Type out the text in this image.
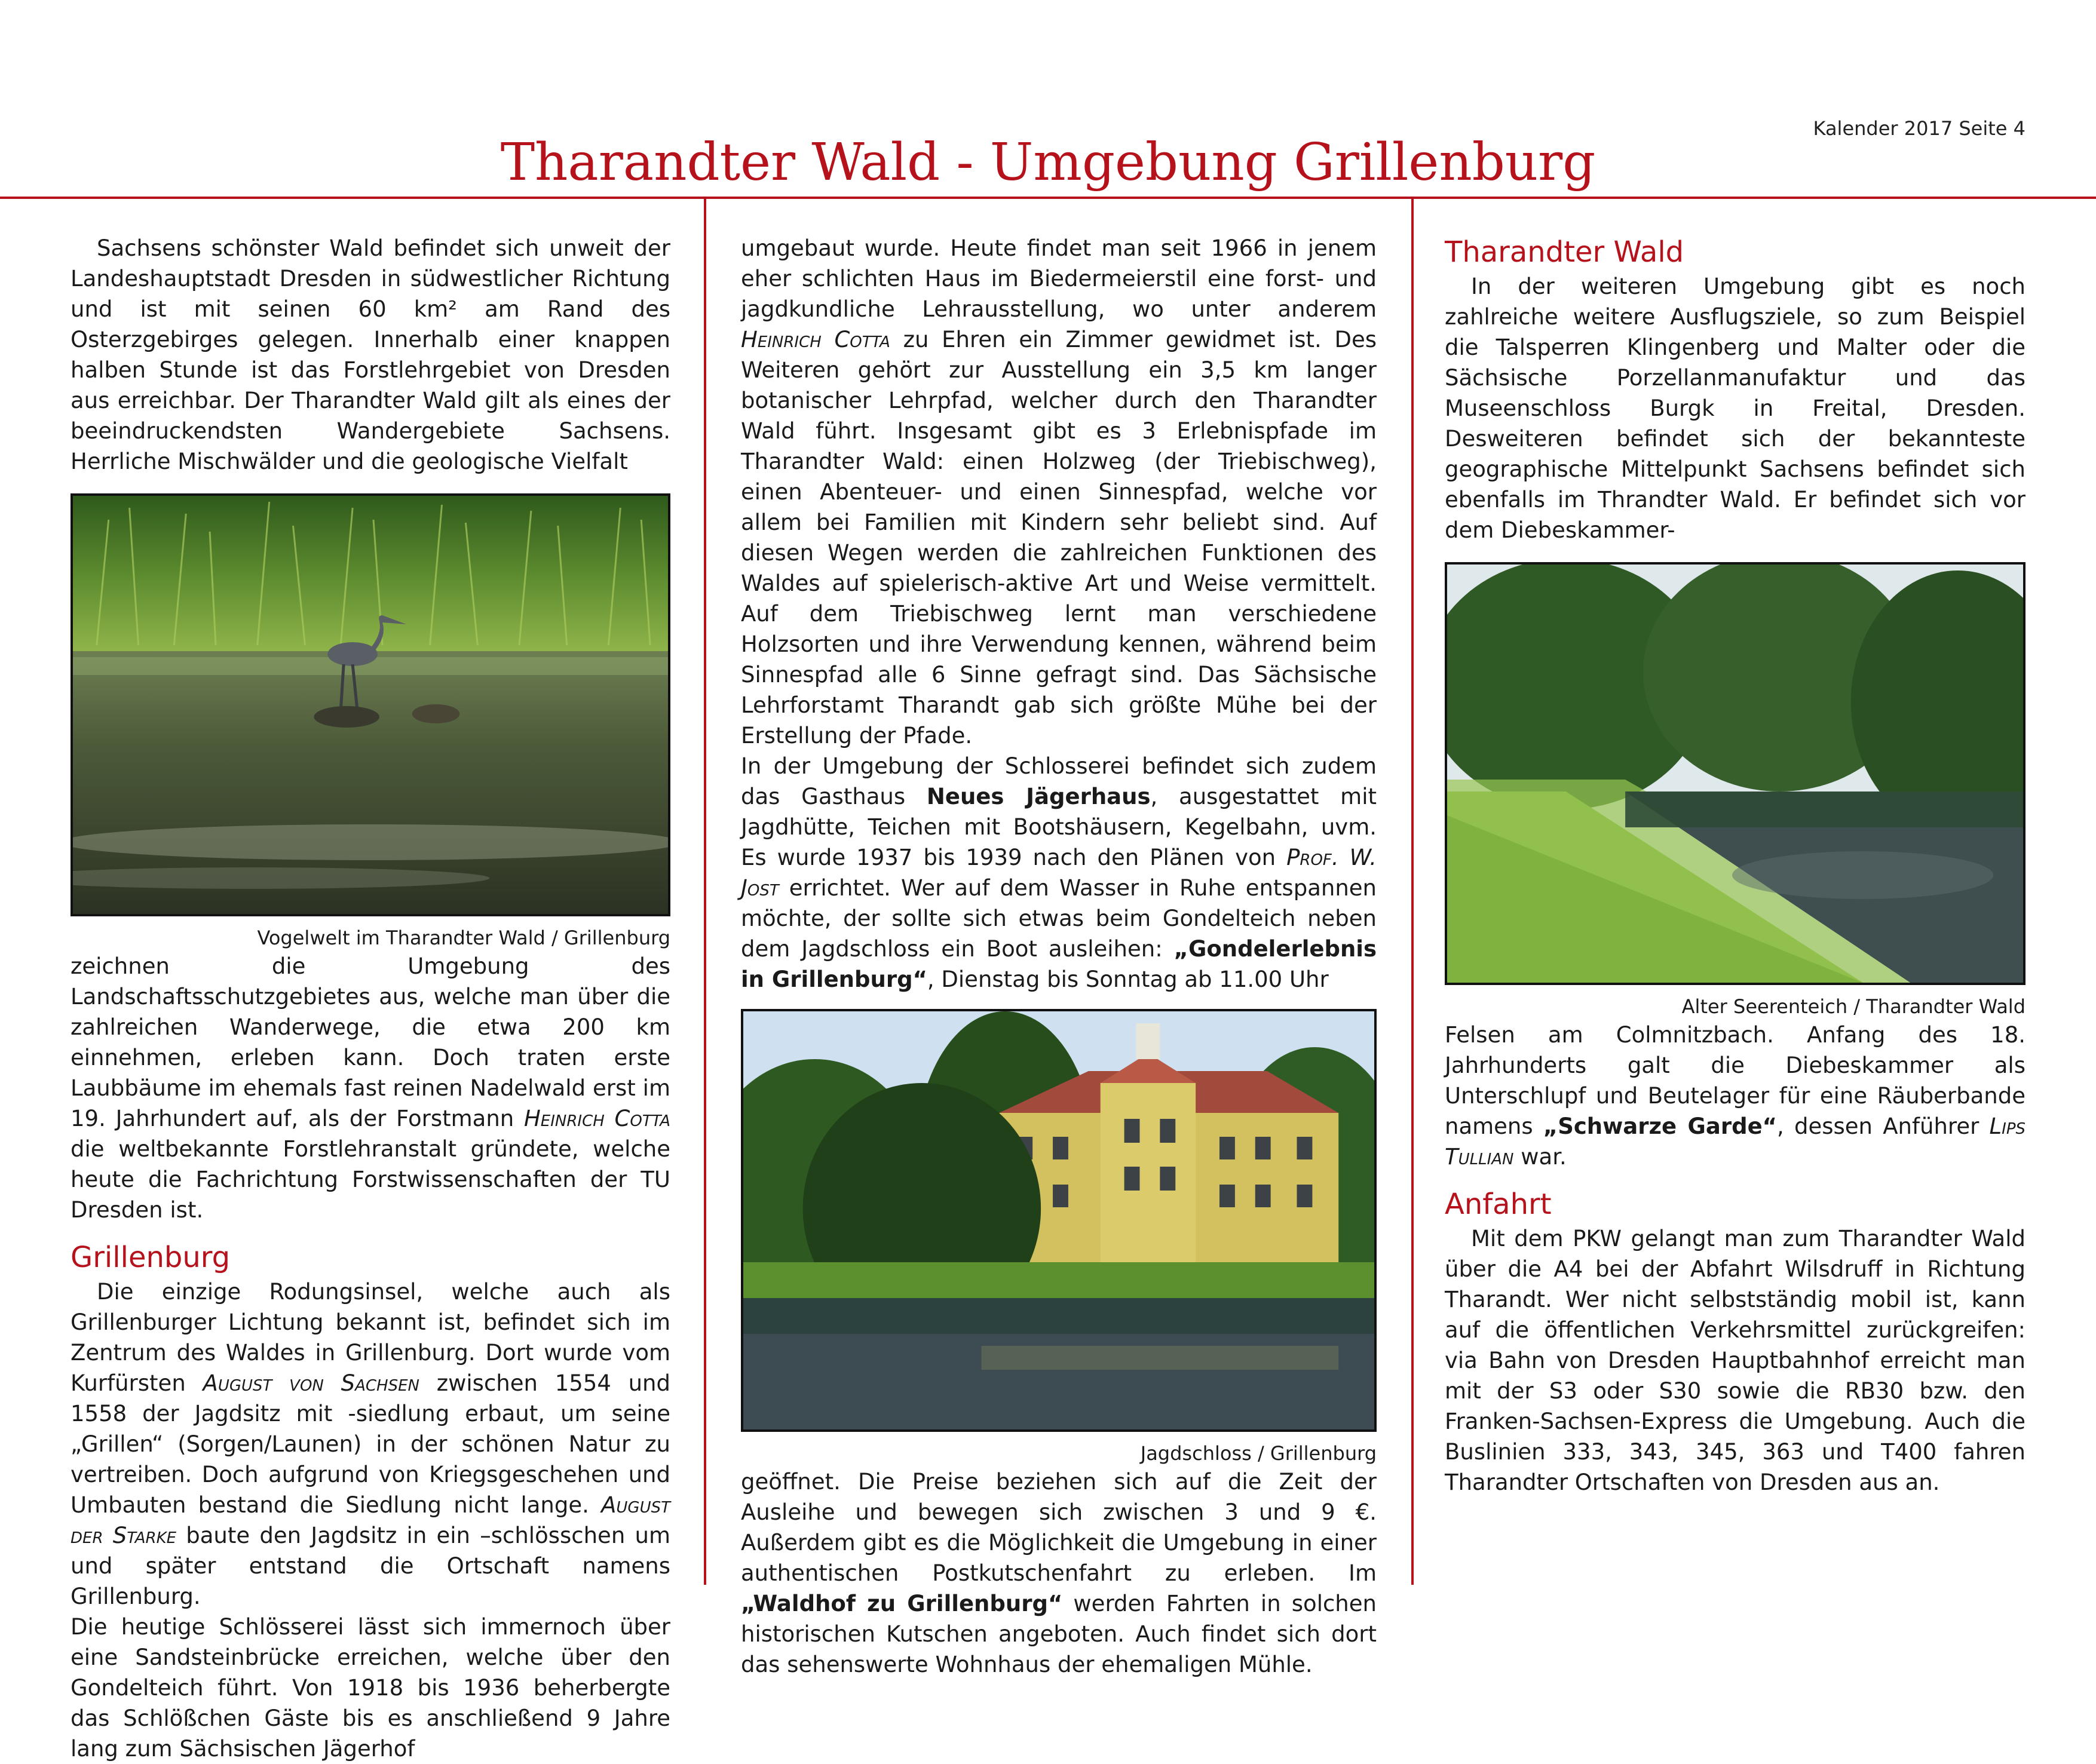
Kalender 2017 Seite 4
Tharandter Wald - Umgebung Grillenburg

Sachsens schönster Wald befindet sich unweit der Landeshauptstadt Dresden in südwestlicher Richtung und ist mit seinen 60 km² am Rand des Osterzgebirges gelegen. Innerhalb einer knappen halben Stunde ist das Forstlehrgebiet von Dresden aus erreichbar. Der Tharandter Wald gilt als eines der beeindruckendsten Wandergebiete Sachsens. Herrliche Mischwälder und die geologische Vielfalt

Vogelwelt im Tharandter Wald / Grillenburg

zeichnen die Umgebung des Landschaftsschutzgebietes aus, welche man über die zahlreichen Wanderwege, die etwa 200 km einnehmen, erleben kann. Doch traten erste Laubbäume im ehemals fast reinen Nadelwald erst im 19. Jahrhundert auf, als der Forstmann Heinrich Cotta die weltbekannte Forstlehranstalt gründete, welche heute die Fachrichtung Forstwissenschaften der TU Dresden ist.

Grillenburg

Die einzige Rodungsinsel, welche auch als Grillenburger Lichtung bekannt ist, befindet sich im Zentrum des Waldes in Grillenburg. Dort wurde vom Kurfürsten August von Sachsen zwischen 1554 und 1558 der Jagdsitz mit -siedlung erbaut, um seine „Grillen“ (Sorgen/Launen) in der schönen Natur zu vertreiben. Doch aufgrund von Kriegsgeschehen und Umbauten bestand die Siedlung nicht lange. August der Starke baute den Jagdsitz in ein –schlösschen um und später entstand die Ortschaft namens Grillenburg.

Die heutige Schlösserei lässt sich immernoch über eine Sandsteinbrücke erreichen, welche über den Gondelteich führt. Von 1918 bis 1936 beherbergte das Schlößchen Gäste bis es anschließend 9 Jahre lang zum Sächsischen Jägerhof

umgebaut wurde. Heute findet man seit 1966 in jenem eher schlichten Haus im Biedermeierstil eine forst- und jagdkundliche Lehrausstellung, wo unter anderem Heinrich Cotta zu Ehren ein Zimmer gewidmet ist. Des Weiteren gehört zur Ausstellung ein 3,5 km langer botanischer Lehrpfad, welcher durch den Tharandter Wald führt. Insgesamt gibt es 3 Erlebnispfade im Tharandter Wald: einen Holzweg (der Triebischweg), einen Abenteuer- und einen Sinnespfad, welche vor allem bei Familien mit Kindern sehr beliebt sind. Auf diesen Wegen werden die zahlreichen Funktionen des Waldes auf spielerisch-aktive Art und Weise vermittelt. Auf dem Triebischweg lernt man verschiedene Holzsorten und ihre Verwendung kennen, während beim Sinnespfad alle 6 Sinne gefragt sind. Das Sächsische Lehrforstamt Tharandt gab sich größte Mühe bei der Erstellung der Pfade.

In der Umgebung der Schlosserei befindet sich zudem das Gasthaus Neues Jägerhaus, ausgestattet mit Jagdhütte, Teichen mit Bootshäusern, Kegelbahn, uvm. Es wurde 1937 bis 1939 nach den Plänen von Prof. W. Jost errichtet. Wer auf dem Wasser in Ruhe entspannen möchte, der sollte sich etwas beim Gondelteich neben dem Jagdschloss ein Boot ausleihen: „Gondelerlebnis in Grillenburg“, Dienstag bis Sonntag ab 11.00 Uhr

Jagdschloss / Grillenburg

geöffnet. Die Preise beziehen sich auf die Zeit der Ausleihe und bewegen sich zwischen 3 und 9 €. Außerdem gibt es die Möglichkeit die Umgebung in einer authentischen Postkutschenfahrt zu erleben. Im „Waldhof zu Grillenburg“ werden Fahrten in solchen historischen Kutschen angeboten. Auch findet sich dort das sehenswerte Wohnhaus der ehemaligen Mühle.

Tharandter Wald

In der weiteren Umgebung gibt es noch zahlreiche weitere Ausflugsziele, so zum Beispiel die Talsperren Klingenberg und Malter oder die Sächsische Porzellanmanufaktur und das Museenschloss Burgk in Freital, Dresden. Desweiteren befindet sich der bekannteste geographische Mittelpunkt Sachsens befindet sich ebenfalls im Thrandter Wald. Er befindet sich vor dem Diebeskammer-

Alter Seerenteich / Tharandter Wald

Felsen am Colmnitzbach. Anfang des 18. Jahrhunderts galt die Diebeskammer als Unterschlupf und Beutelager für eine Räuberbande namens „Schwarze Garde“, dessen Anführer Lips Tullian war.

Anfahrt

Mit dem PKW gelangt man zum Tharandter Wald über die A4 bei der Abfahrt Wilsdruff in Richtung Tharandt. Wer nicht selbstständig mobil ist, kann auf die öffentlichen Verkehrsmittel zurückgreifen: via Bahn von Dresden Hauptbahnhof erreicht man mit der S3 oder S30 sowie die RB30 bzw. den Franken-Sachsen-Express die Umgebung. Auch die Buslinien 333, 343, 345, 363 und T400 fahren Tharandter Ortschaften von Dresden aus an.
